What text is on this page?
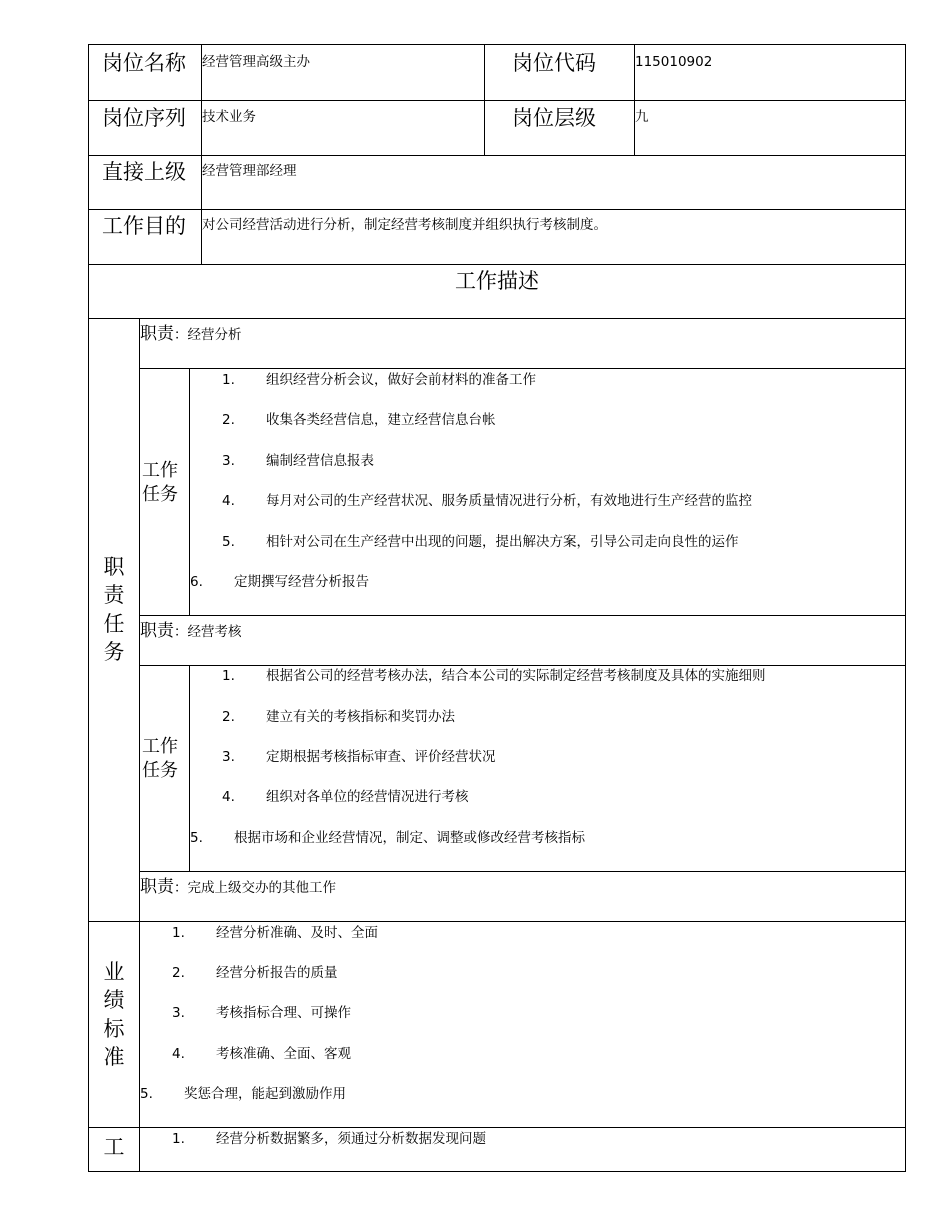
岗位名称 经营管理高级主办	岗位代码	115010902
岗位序列 技术业务	岗位层级	九
直接上级 经营管理部经理
工作目的 对公司经营活动进行分析，制定经营考核制度并组织执行考核制度。
工作描述
职责任务
职责：经营分析
工作任务
1. 组织经营分析会议，做好会前材料的准备工作
2. 收集各类经营信息，建立经营信息台帐
3. 编制经营信息报表
4. 每月对公司的生产经营状况、服务质量情况进行分析，有效地进行生产经营的监控
5. 相针对公司在生产经营中出现的问题，提出解决方案，引导公司走向良性的运作
6. 定期撰写经营分析报告
职责：经营考核
工作任务
1. 根据省公司的经营考核办法，结合本公司的实际制定经营考核制度及具体的实施细则
2. 建立有关的考核指标和奖罚办法
3. 定期根据考核指标审查、评价经营状况
4. 组织对各单位的经营情况进行考核
5. 根据市场和企业经营情况，制定、调整或修改经营考核指标
职责：完成上级交办的其他工作
业绩标准
1. 经营分析准确、及时、全面
2. 经营分析报告的质量
3. 考核指标合理、可操作
4. 考核准确、全面、客观
5. 奖惩合理，能起到激励作用
工	1. 经营分析数据繁多，须通过分析数据发现问题
